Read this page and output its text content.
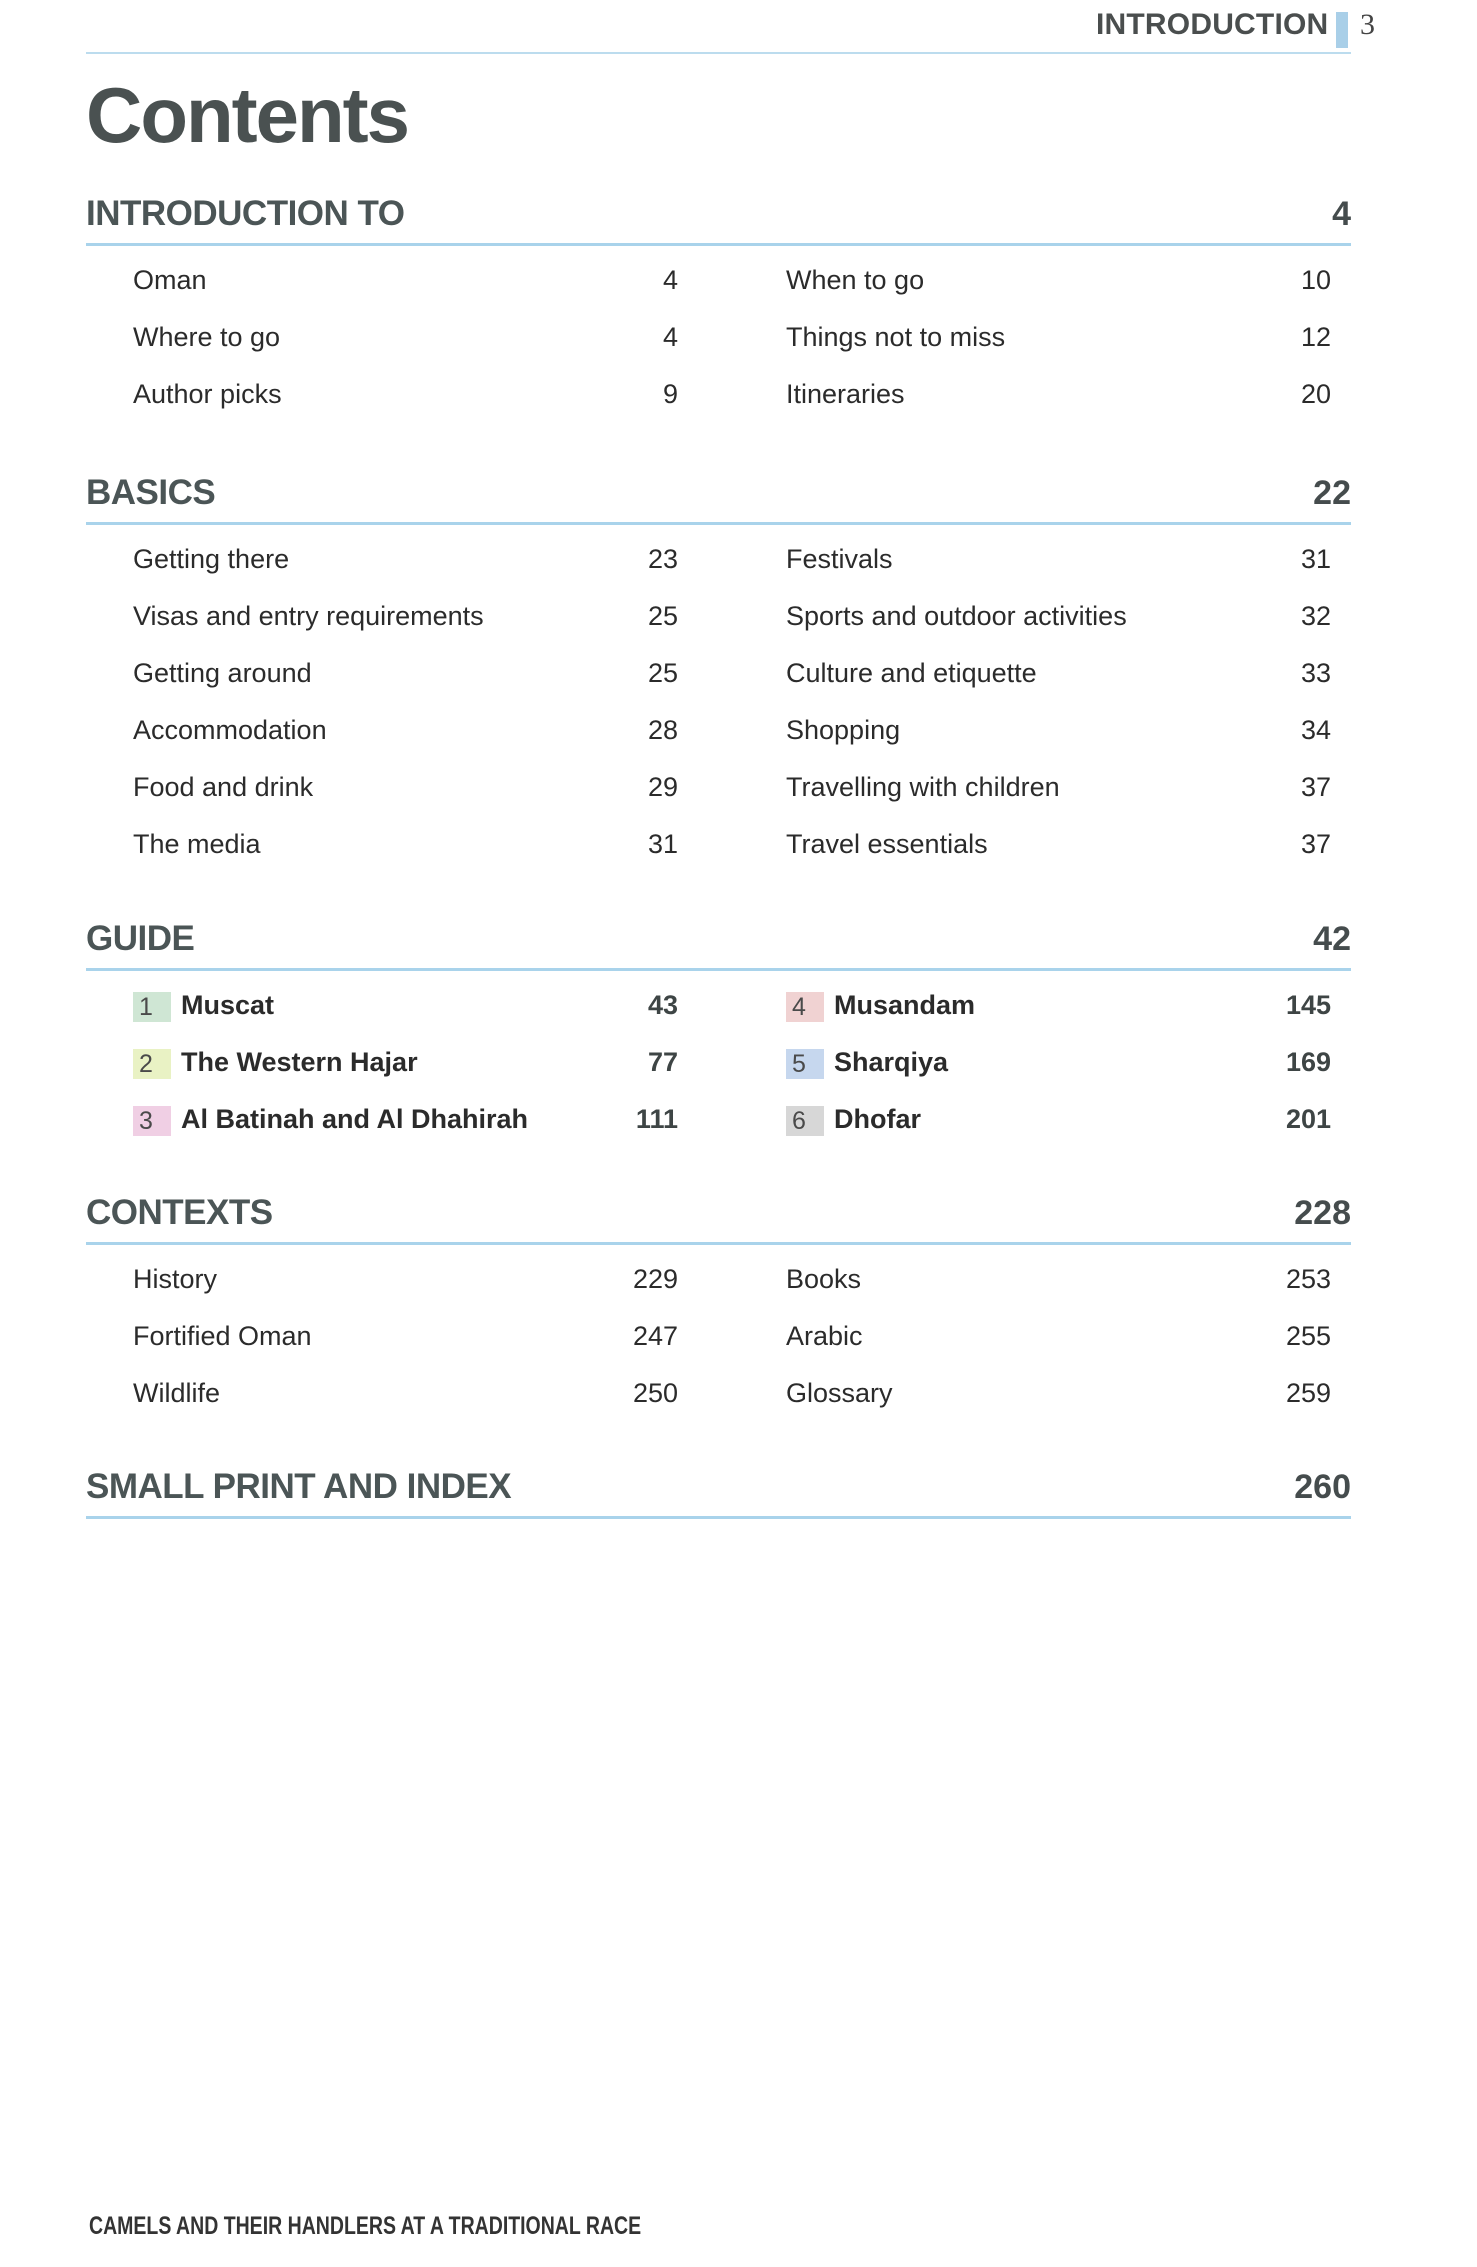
INTRODUCTION 3
Contents
INTRODUCTION TO	4
Oman	4
Where to go	4
Author picks	9
When to go	10
Things not to miss	12
Itineraries	20
BASICS	22
Getting there	23
Visas and entry requirements	25
Getting around	25
Accommodation	28
Food and drink	29
The media	31
Festivals	31
Sports and outdoor activities	32
Culture and etiquette	33
Shopping	34
Travelling with children	37
Travel essentials	37
GUIDE	42
1	Muscat	43
2	The Western Hajar	77
3	Al Batinah and Al Dhahirah	111
4	Musandam	145
5	Sharqiya	169
6	Dhofar	201
CONTEXTS	228
History	229
Fortified Oman	247
Wildlife	250
Books	253
Arabic	255
Glossary	259
SMALL PRINT AND INDEX	260
CAMELS AND THEIR HANDLERS AT A TRADITIONAL RACE
